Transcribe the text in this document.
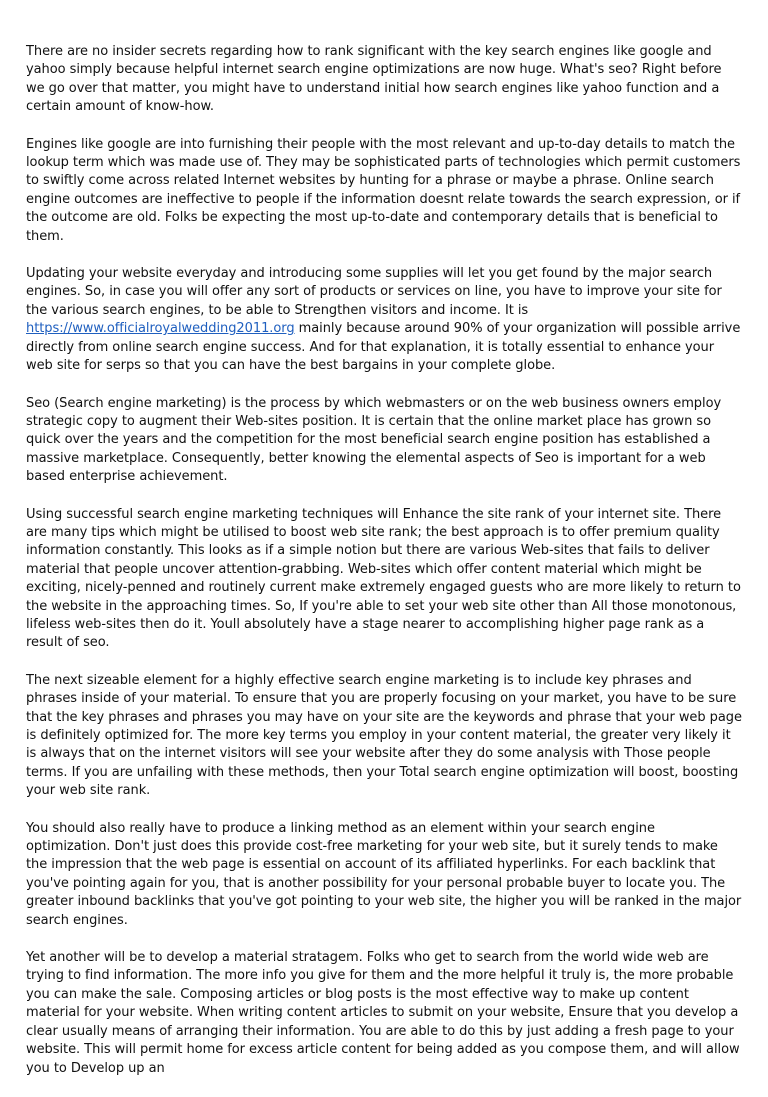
There are no insider secrets regarding how to rank significant with the key search engines like google and yahoo simply because helpful internet search engine optimizations are now huge. What's seo? Right before we go over that matter, you might have to understand initial how search engines like yahoo function and a certain amount of know-how.

Engines like google are into furnishing their people with the most relevant and up-to-day details to match the lookup term which was made use of. They may be sophisticated parts of technologies which permit customers to swiftly come across related Internet websites by hunting for a phrase or maybe a phrase. Online search engine outcomes are ineffective to people if the information doesnt relate towards the search expression, or if the outcome are old. Folks be expecting the most up-to-date and contemporary details that is beneficial to them.

Updating your website everyday and introducing some supplies will let you get found by the major search engines. So, in case you will offer any sort of products or services on line, you have to improve your site for the various search engines, to be able to Strengthen visitors and income. It is https://www.officialroyalwedding2011.org mainly because around 90% of your organization will possible arrive directly from online search engine success. And for that explanation, it is totally essential to enhance your web site for serps so that you can have the best bargains in your complete globe.

Seo (Search engine marketing) is the process by which webmasters or on the web business owners employ strategic copy to augment their Web-sites position. It is certain that the online market place has grown so quick over the years and the competition for the most beneficial search engine position has established a massive marketplace. Consequently, better knowing the elemental aspects of Seo is important for a web based enterprise achievement.

Using successful search engine marketing techniques will Enhance the site rank of your internet site. There are many tips which might be utilised to boost web site rank; the best approach is to offer premium quality information constantly. This looks as if a simple notion but there are various Web-sites that fails to deliver material that people uncover attention-grabbing. Web-sites which offer content material which might be exciting, nicely-penned and routinely current make extremely engaged guests who are more likely to return to the website in the approaching times. So, If you're able to set your web site other than All those monotonous, lifeless web-sites then do it. Youll absolutely have a stage nearer to accomplishing higher page rank as a result of seo.

The next sizeable element for a highly effective search engine marketing is to include key phrases and phrases inside of your material. To ensure that you are properly focusing on your market, you have to be sure that the key phrases and phrases you may have on your site are the keywords and phrase that your web page is definitely optimized for. The more key terms you employ in your content material, the greater very likely it is always that on the internet visitors will see your website after they do some analysis with Those people terms. If you are unfailing with these methods, then your Total search engine optimization will boost, boosting your web site rank.

You should also really have to produce a linking method as an element within your search engine optimization. Don't just does this provide cost-free marketing for your web site, but it surely tends to make the impression that the web page is essential on account of its affiliated hyperlinks. For each backlink that you've pointing again for you, that is another possibility for your personal probable buyer to locate you. The greater inbound backlinks that you've got pointing to your web site, the higher you will be ranked in the major search engines.

Yet another will be to develop a material stratagem. Folks who get to search from the world wide web are trying to find information. The more info you give for them and the more helpful it truly is, the more probable you can make the sale. Composing articles or blog posts is the most effective way to make up content material for your website. When writing content articles to submit on your website, Ensure that you develop a clear usually means of arranging their information. You are able to do this by just adding a fresh page to your website. This will permit home for excess article content for being added as you compose them, and will allow you to Develop up an
